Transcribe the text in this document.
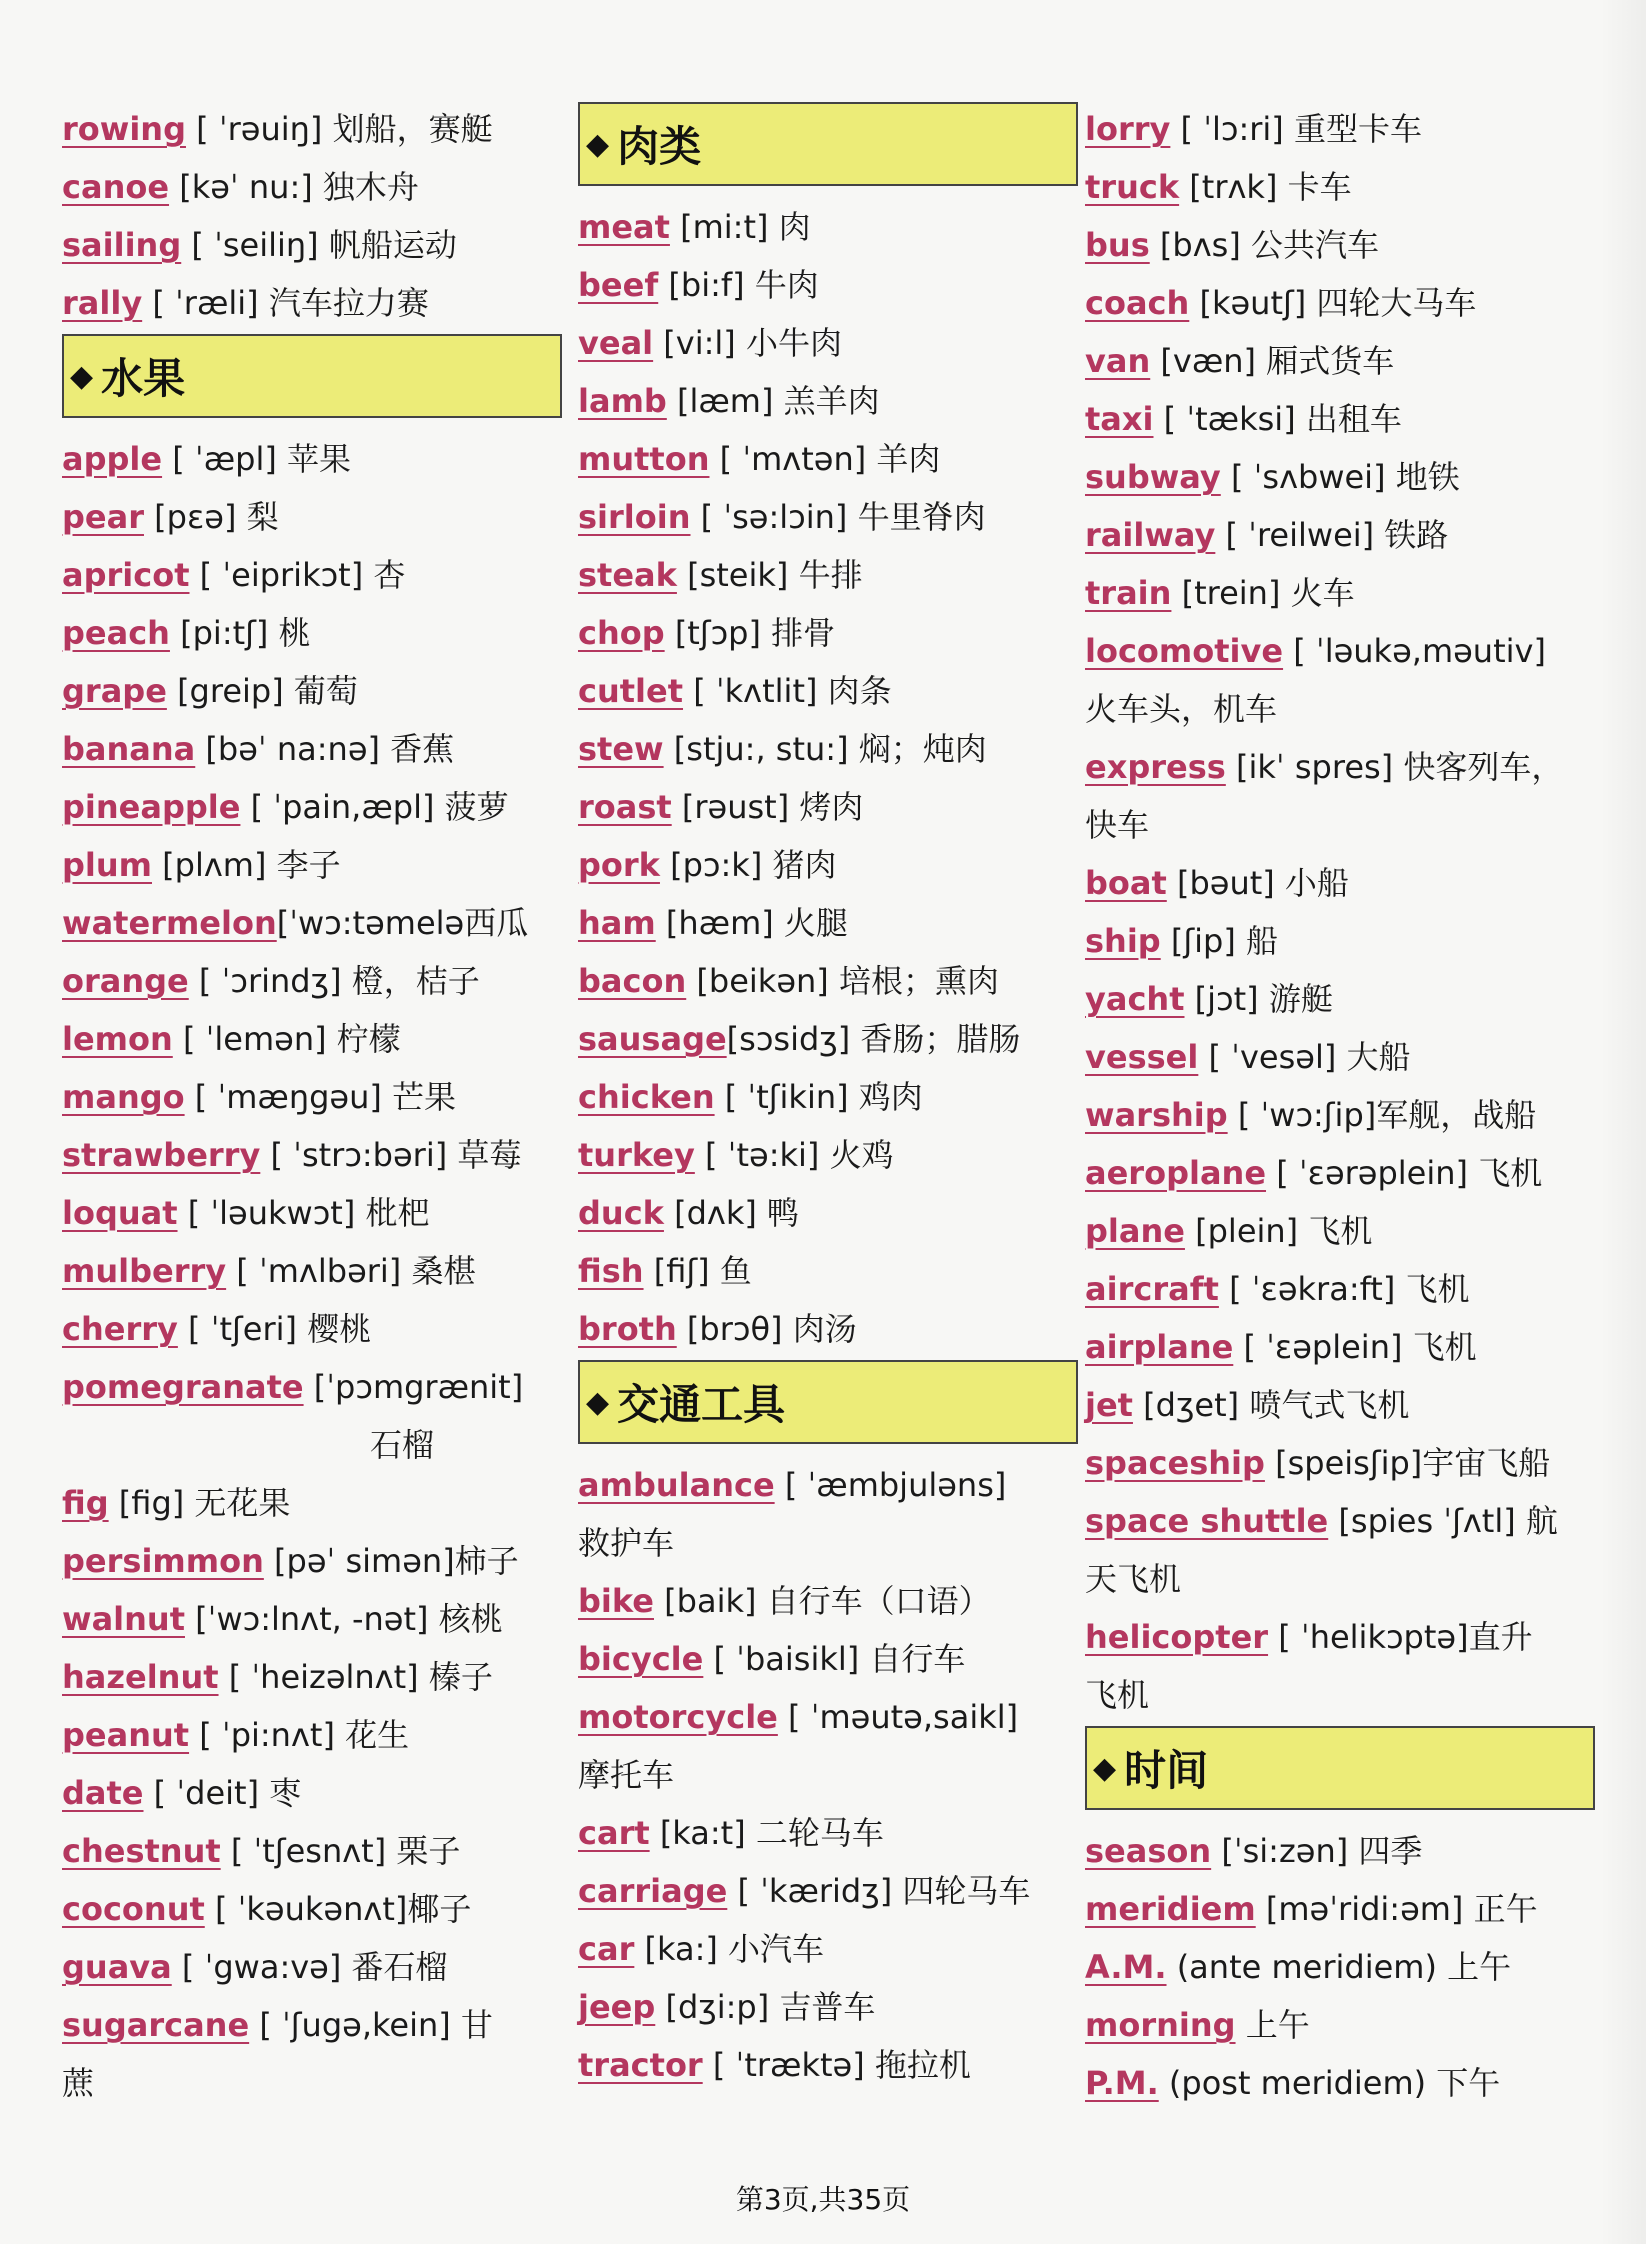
rowing [ ˈrəuiŋ] 划船，赛艇
canoe [kəˈ nu:] 独木舟
sailing [ ˈseiliŋ] 帆船运动
rally [ ˈræli] 汽车拉力赛
◆ 水果
apple [ ˈæpl] 苹果
pear [pɛə] 梨
apricot [ ˈeiprikɔt] 杏
peach [pi:tʃ] 桃
grape [greip] 葡萄
banana [bəˈ na:nə] 香蕉
pineapple [ ˈpain,æpl] 菠萝
plum [plʌm] 李子
watermelon[ˈwɔ:təmelə西瓜
orange [ ˈɔrindʒ] 橙，桔子
lemon [ ˈlemən] 柠檬
mango [ ˈmæŋgəu] 芒果
strawberry [ ˈstrɔ:bəri] 草莓
loquat [ ˈləukwɔt] 枇杷
mulberry [ ˈmʌlbəri] 桑椹
cherry [ ˈtʃeri] 樱桃
pomegranate [ˈpɔmgrænit]
石榴
fig [fig] 无花果
persimmon [pəˈ simən]柿子
walnut [ˈwɔ:lnʌt, -nət] 核桃
hazelnut [ ˈheizəlnʌt] 榛子
peanut [ ˈpi:nʌt] 花生
date [ ˈdeit] 枣
chestnut [ ˈtʃesnʌt] 栗子
coconut [ ˈkəukənʌt]椰子
guava [ ˈgwa:və] 番石榴
sugarcane [ ˈʃugə,kein] 甘
蔗
◆ 肉类
meat [mi:t] 肉
beef [bi:f] 牛肉
veal [vi:l] 小牛肉
lamb [læm] 羔羊肉
mutton [ ˈmʌtən] 羊肉
sirloin [ ˈsə:lɔin] 牛里脊肉
steak [steik] 牛排
chop [tʃɔp] 排骨
cutlet [ ˈkʌtlit] 肉条
stew [stju:, stu:] 焖；炖肉
roast [rəust] 烤肉
pork [pɔ:k] 猪肉
ham [hæm] 火腿
bacon [beikən] 培根；熏肉
sausage[sɔsidʒ] 香肠；腊肠
chicken [ ˈtʃikin] 鸡肉
turkey [ ˈtə:ki] 火鸡
duck [dʌk] 鸭
fish [fiʃ] 鱼
broth [brɔθ] 肉汤
◆ 交通工具
ambulance [ ˈæmbjuləns]
救护车
bike [baik] 自行车（口语）
bicycle [ ˈbaisikl] 自行车
motorcycle [ ˈməutə,saikl]
摩托车
cart [ka:t] 二轮马车
carriage [ ˈkæridʒ] 四轮马车
car [ka:] 小汽车
jeep [dʒi:p] 吉普车
tractor [ ˈtræktə] 拖拉机
lorry [ ˈlɔ:ri] 重型卡车
truck [trʌk] 卡车
bus [bʌs] 公共汽车
coach [kəutʃ] 四轮大马车
van [væn] 厢式货车
taxi [ ˈtæksi] 出租车
subway [ ˈsʌbwei] 地铁
railway [ ˈreilwei] 铁路
train [trein] 火车
locomotive [ ˈləukə,məutiv]
火车头，机车
express [ikˈ spres] 快客列车，
快车
boat [bəut] 小船
ship [ʃip] 船
yacht [jɔt] 游艇
vessel [ ˈvesəl] 大船
warship [ ˈwɔ:ʃip]军舰，战船
aeroplane [ ˈɛərəplein] 飞机
plane [plein] 飞机
aircraft [ ˈɛəkra:ft] 飞机
airplane [ ˈɛəplein] 飞机
jet [dʒet] 喷气式飞机
spaceship [speisʃip]宇宙飞船
space shuttle [spies ˈʃʌtl] 航
天飞机
helicopter [ ˈhelikɔptə]直升
飞机
◆ 时间
season [ˈsi:zən] 四季
meridiem [məˈridi:əm] 正午
A.M. (ante meridiem) 上午
morning 上午
P.M. (post meridiem) 下午
第3页,共35页
